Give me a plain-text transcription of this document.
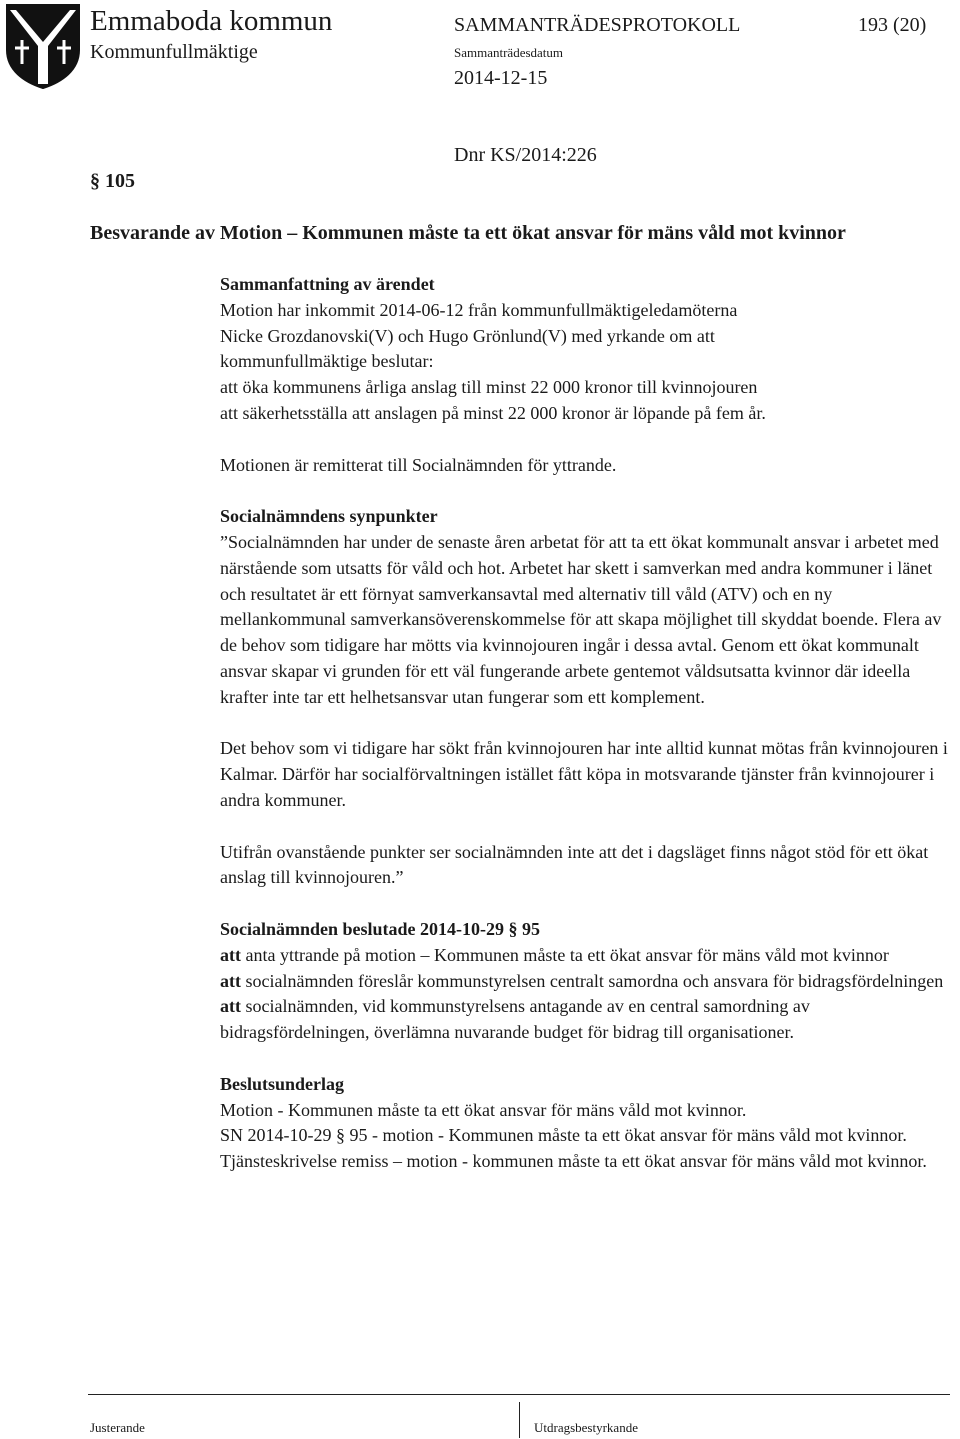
Emmaboda kommun
Kommunfullmäktige
SAMMANTRÄDESPROTOKOLL	193 (20)
Sammanträdesdatum
2014-12-15
Dnr KS/2014:226
§ 105
Besvarande av Motion – Kommunen måste ta ett ökat ansvar för mäns våld mot kvinnor
Sammanfattning av ärendet

Motion har inkommit 2014-06-12 från kommunfullmäktigeledamöterna

Nicke Grozdanovski(V) och Hugo Grönlund(V) med yrkande om att

kommunfullmäktige beslutar:

att öka kommunens årliga anslag till minst 22 000 kronor till kvinnojouren

att säkerhetsställa att anslagen på minst 22 000 kronor är löpande på fem år.

Motionen är remitterat till Socialnämnden för yttrande.

Socialnämndens synpunkter

”Socialnämnden har under de senaste åren arbetat för att ta ett ökat kommunalt ansvar i arbetet med närstående som utsatts för våld och hot. Arbetet har skett i samverkan med andra kommuner i länet och resultatet är ett förnyat samverkansavtal med alternativ till våld (ATV) och en ny mellankommunal samverkansöverenskommelse för att skapa möjlighet till skyddat boende. Flera av de behov som tidigare har mötts via kvinnojouren ingår i dessa avtal. Genom ett ökat kommunalt ansvar skapar vi grunden för ett väl fungerande arbete gentemot våldsutsatta kvinnor där ideella krafter inte tar ett helhetsansvar utan fungerar som ett komplement.

Det behov som vi tidigare har sökt från kvinnojouren har inte alltid kunnat mötas från kvinnojouren i Kalmar. Därför har socialförvaltningen istället fått köpa in motsvarande tjänster från kvinnojourer i andra kommuner.

Utifrån ovanstående punkter ser socialnämnden inte att det i dagsläget finns något stöd för ett ökat anslag till kvinnojouren.”

Socialnämnden beslutade 2014-10-29 § 95

att anta yttrande på motion – Kommunen måste ta ett ökat ansvar för mäns våld mot kvinnor

att socialnämnden föreslår kommunstyrelsen centralt samordna och ansvara för bidragsfördelningen

att socialnämnden, vid kommunstyrelsens antagande av en central samordning av bidragsfördelningen, överlämna nuvarande budget för bidrag till organisationer.

Beslutsunderlag

Motion - Kommunen måste ta ett ökat ansvar för mäns våld mot kvinnor.

SN 2014-10-29 § 95 - motion - Kommunen måste ta ett ökat ansvar för mäns våld mot kvinnor.

Tjänsteskrivelse remiss – motion - kommunen måste ta ett ökat ansvar för mäns våld mot kvinnor.

Justerande	Utdragsbestyrkande
